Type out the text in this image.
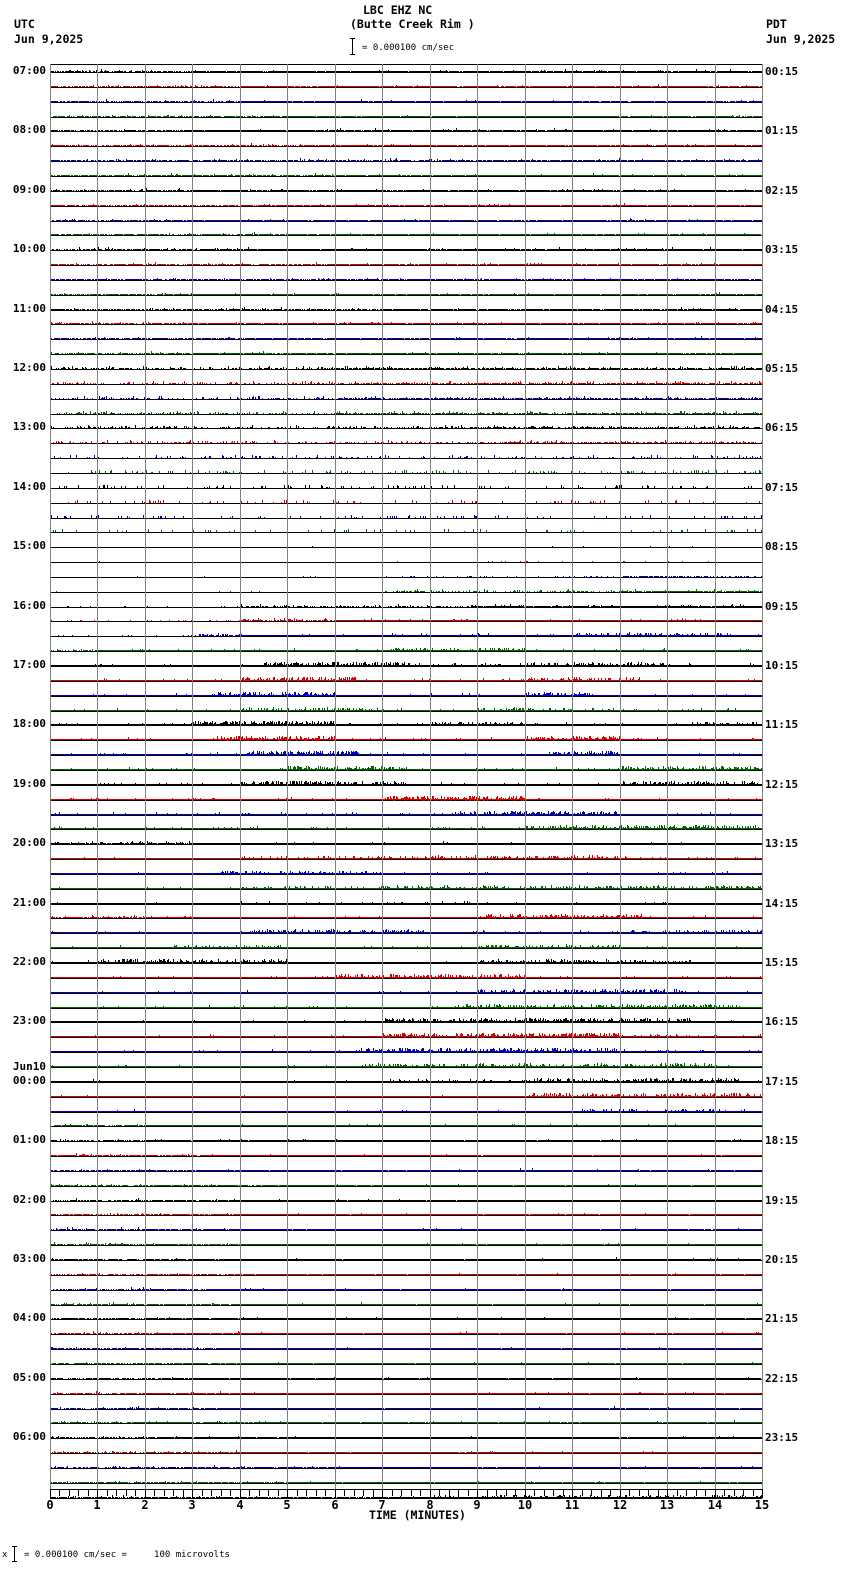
LBC EHZ NC
(Butte Creek Rim )
= 0.000100 cm/sec
UTC
Jun 9,2025
PDT
Jun 9,2025
07:00
08:00
09:00
10:00
11:00
12:00
13:00
14:00
15:00
16:00
17:00
18:00
19:00
20:00
21:00
22:00
23:00
00:00
01:00
02:00
03:00
04:00
05:00
06:00
00:15
01:15
02:15
03:15
04:15
05:15
06:15
07:15
08:15
09:15
10:15
11:15
12:15
13:15
14:15
15:15
16:15
17:15
18:15
19:15
20:15
21:15
22:15
23:15
Jun10
0	1	2	3	4	5	6	7	8	9	10	11	12	13	14	15
TIME (MINUTES)
x = 0.000100 cm/sec =     100 microvolts
